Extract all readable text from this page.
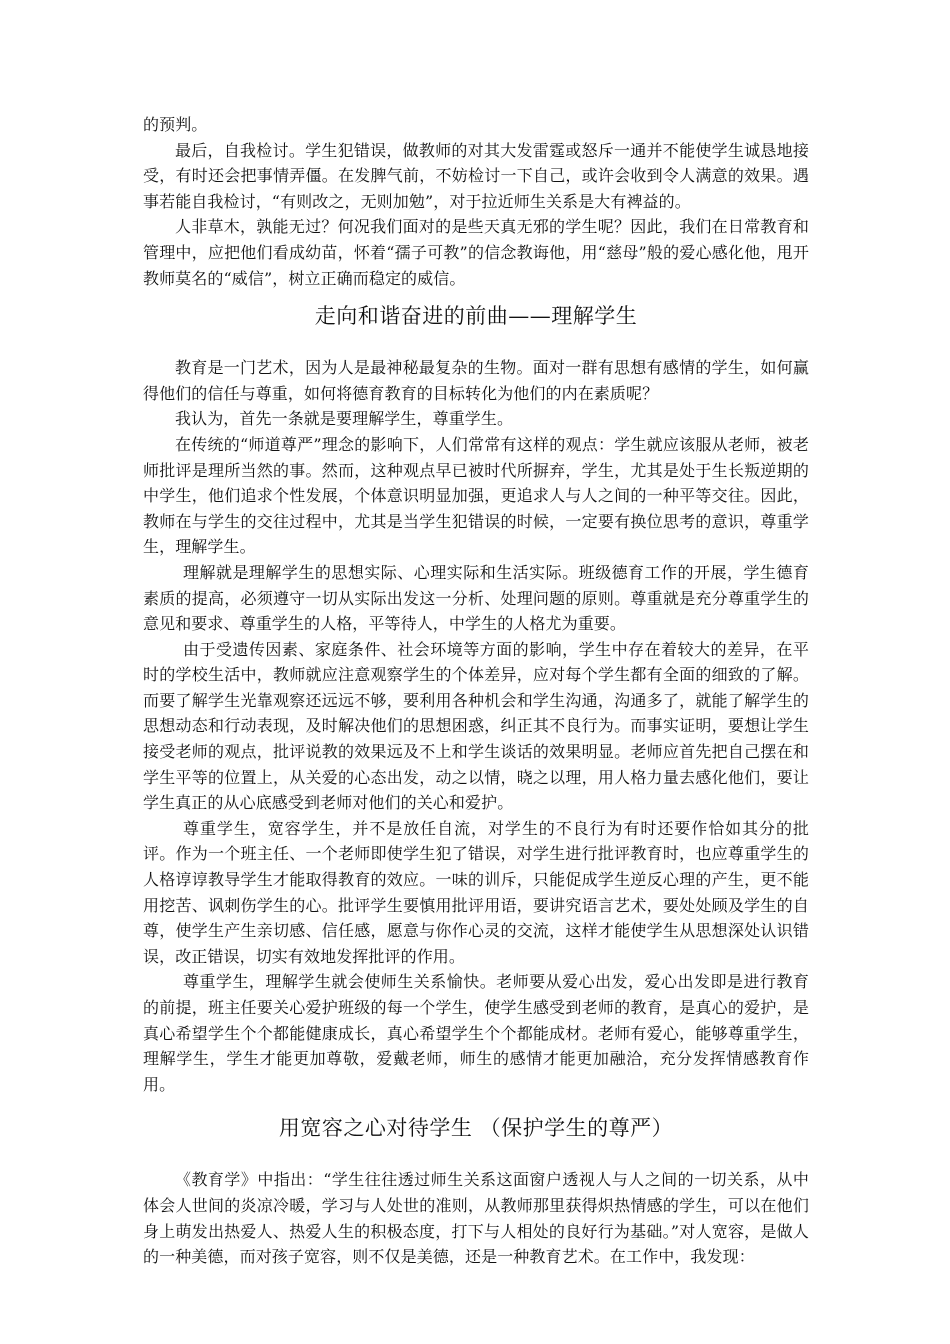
的预判。

最后，自我检讨。学生犯错误，做教师的对其大发雷霆或怒斥一通并不能使学生诚恳地接受，有时还会把事情弄僵。在发脾气前，不妨检讨一下自己，或许会收到令人满意的效果。遇事若能自我检讨，“有则改之，无则加勉”，对于拉近师生关系是大有裨益的。

人非草木，孰能无过？何况我们面对的是些天真无邪的学生呢？因此，我们在日常教育和管理中，应把他们看成幼苗，怀着“孺子可教”的信念教诲他，用“慈母”般的爱心感化他，甩开教师莫名的“威信”，树立正确而稳定的威信。

走向和谐奋进的前曲——理解学生

教育是一门艺术，因为人是最神秘最复杂的生物。面对一群有思想有感情的学生，如何赢得他们的信任与尊重，如何将德育教育的目标转化为他们的内在素质呢？

我认为，首先一条就是要理解学生，尊重学生。

在传统的“师道尊严”理念的影响下，人们常常有这样的观点：学生就应该服从老师，被老师批评是理所当然的事。然而，这种观点早已被时代所摒弃，学生，尤其是处于生长叛逆期的中学生，他们追求个性发展，个体意识明显加强，更追求人与人之间的一种平等交往。因此，教师在与学生的交往过程中，尤其是当学生犯错误的时候，一定要有换位思考的意识，尊重学生，理解学生。

理解就是理解学生的思想实际、心理实际和生活实际。班级德育工作的开展，学生德育素质的提高，必须遵守一切从实际出发这一分析、处理问题的原则。尊重就是充分尊重学生的意见和要求、尊重学生的人格，平等待人，中学生的人格尤为重要。

由于受遗传因素、家庭条件、社会环境等方面的影响，学生中存在着较大的差异，在平时的学校生活中，教师就应注意观察学生的个体差异，应对每个学生都有全面的细致的了解。而要了解学生光靠观察还远远不够，要利用各种机会和学生沟通，沟通多了，就能了解学生的思想动态和行动表现，及时解决他们的思想困惑，纠正其不良行为。而事实证明，要想让学生接受老师的观点，批评说教的效果远及不上和学生谈话的效果明显。老师应首先把自己摆在和学生平等的位置上，从关爱的心态出发，动之以情，晓之以理，用人格力量去感化他们，要让学生真正的从心底感受到老师对他们的关心和爱护。

尊重学生，宽容学生，并不是放任自流，对学生的不良行为有时还要作恰如其分的批评。作为一个班主任、一个老师即使学生犯了错误，对学生进行批评教育时，也应尊重学生的人格谆谆教导学生才能取得教育的效应。一味的训斥，只能促成学生逆反心理的产生，更不能用挖苦、讽刺伤学生的心。批评学生要慎用批评用语，要讲究语言艺术，要处处顾及学生的自尊，使学生产生亲切感、信任感，愿意与你作心灵的交流，这样才能使学生从思想深处认识错误，改正错误，切实有效地发挥批评的作用。

尊重学生，理解学生就会使师生关系愉快。老师要从爱心出发，爱心出发即是进行教育的前提，班主任要关心爱护班级的每一个学生，使学生感受到老师的教育，是真心的爱护，是真心希望学生个个都能健康成长，真心希望学生个个都能成材。老师有爱心，能够尊重学生，理解学生，学生才能更加尊敬，爱戴老师，师生的感情才能更加融洽，充分发挥情感教育作用。

用宽容之心对待学生 （保护学生的尊严）

《教育学》中指出：“学生往往透过师生关系这面窗户透视人与人之间的一切关系，从中体会人世间的炎凉冷暖，学习与人处世的准则，从教师那里获得炽热情感的学生，可以在他们身上萌发出热爱人、热爱人生的积极态度，打下与人相处的良好行为基础。”对人宽容，是做人的一种美德，而对孩子宽容，则不仅是美德，还是一种教育艺术。在工作中，我发现：
